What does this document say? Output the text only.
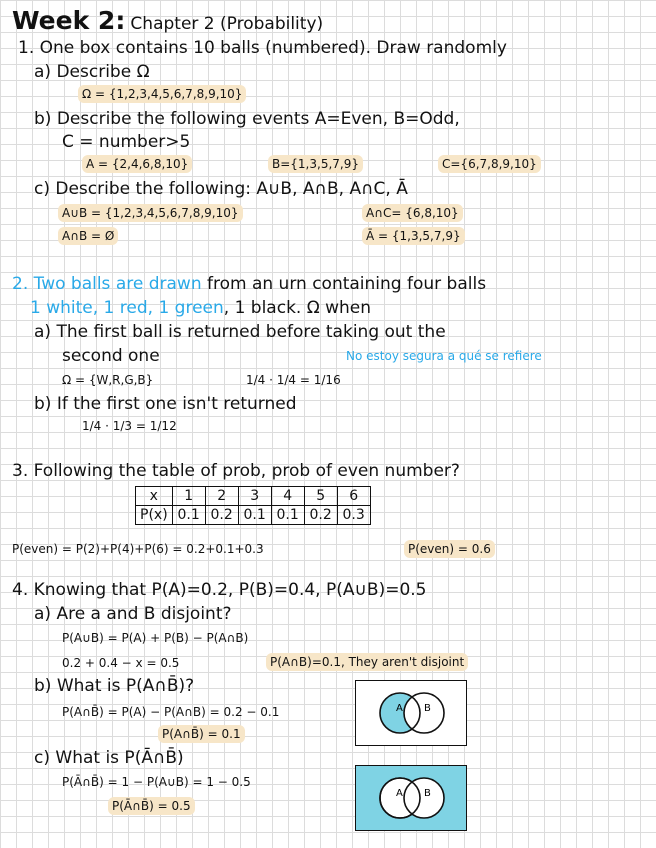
Week 2: Chapter 2 (Probability)
1. One box contains 10 balls (numbered). Draw randomly
a) Describe Ω
Ω = {1,2,3,4,5,6,7,8,9,10}
b) Describe the following events A=Even, B=Odd,
C = number>5
A = {2,4,6,8,10}	B={1,3,5,7,9}	C={6,7,8,9,10}
c) Describe the following: A∪B, A∩B, A∩C, Ā
A∪B = {1,2,3,4,5,6,7,8,9,10}	A∩C= {6,8,10}
A∩B = Ø	Ā = {1,3,5,7,9}
2. Two balls are drawn from an urn containing four balls
1 white, 1 red, 1 green, 1 black. Ω when
a) The first ball is returned before taking out the
second one	No estoy segura a qué se refiere
Ω = {W,R,G,B}	1/4 · 1/4 = 1/16
b) If the first one isn't returned
1/4 · 1/3 = 1/12
3. Following the table of prob, prob of even number?
x	1	2	3	4	5	6
P(x)	0.1	0.2	0.1	0.1	0.2	0.3
P(even) = P(2)+P(4)+P(6) = 0.2+0.1+0.3	P(even) = 0.6
4. Knowing that P(A)=0.2, P(B)=0.4, P(A∪B)=0.5
a) Are a and B disjoint?
P(A∪B) = P(A) + P(B) − P(A∩B)
0.2 + 0.4 − x = 0.5	P(A∩B)=0.1, They aren't disjoint
b) What is P(A∩B̄)?
P(A∩B̄) = P(A) − P(A∩B) = 0.2 − 0.1
P(A∩B̄) = 0.1
c) What is P(Ā∩B̄)
P(Ā∩B̄) = 1 − P(A∪B) = 1 − 0.5
P(Ā∩B̄) = 0.5
A B
A B
